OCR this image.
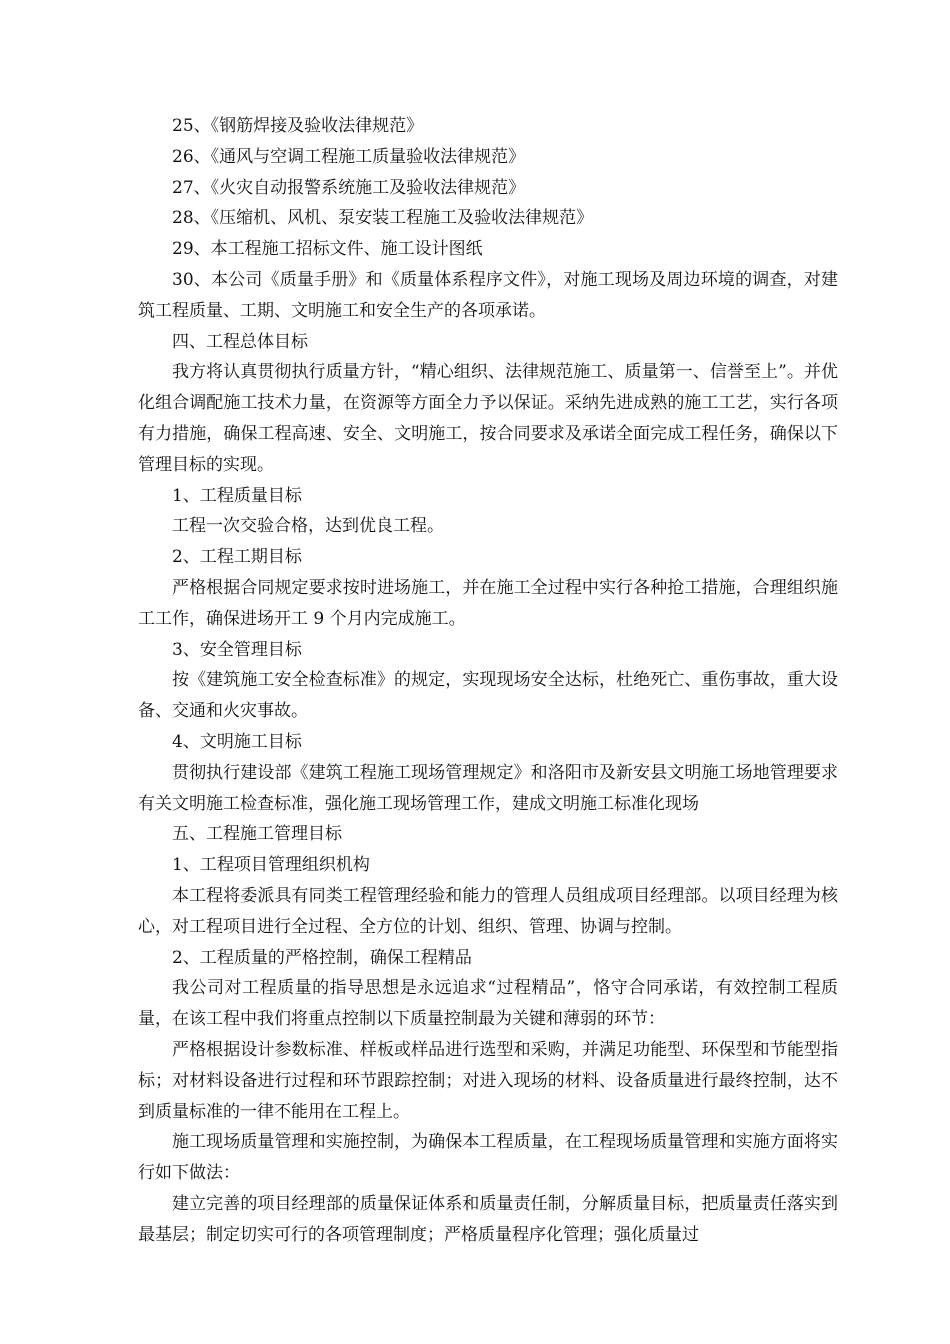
25、《钢筋焊接及验收法律规范》

26、《通风与空调工程施工质量验收法律规范》

27、《火灾自动报警系统施工及验收法律规范》

28、《压缩机、风机、泵安装工程施工及验收法律规范》

29、本工程施工招标文件、施工设计图纸

30、本公司《质量手册》和《质量体系程序文件》，对施工现场及周边环境的调查，对建筑工程质量、工期、文明施工和安全生产的各项承诺。

四、工程总体目标

我方将认真贯彻执行质量方针，“精心组织、法律规范施工、质量第一、信誉至上”。并优化组合调配施工技术力量，在资源等方面全力予以保证。采纳先进成熟的施工工艺，实行各项有力措施，确保工程高速、安全、文明施工，按合同要求及承诺全面完成工程任务，确保以下管理目标的实现。

1、工程质量目标

工程一次交验合格，达到优良工程。

2、工程工期目标

严格根据合同规定要求按时进场施工，并在施工全过程中实行各种抢工措施，合理组织施工工作，确保进场开工 9 个月内完成施工。

3、安全管理目标

按《建筑施工安全检查标准》的规定，实现现场安全达标，杜绝死亡、重伤事故，重大设备、交通和火灾事故。

4、文明施工目标

贯彻执行建设部《建筑工程施工现场管理规定》和洛阳市及新安县文明施工场地管理要求有关文明施工检查标准，强化施工现场管理工作，建成文明施工标准化现场

五、工程施工管理目标

1、工程项目管理组织机构

本工程将委派具有同类工程管理经验和能力的管理人员组成项目经理部。以项目经理为核心，对工程项目进行全过程、全方位的计划、组织、管理、协调与控制。

2、工程质量的严格控制，确保工程精品

我公司对工程质量的指导思想是永远追求“过程精品”，恪守合同承诺，有效控制工程质量，在该工程中我们将重点控制以下质量控制最为关键和薄弱的环节：

严格根据设计参数标准、样板或样品进行选型和采购，并满足功能型、环保型和节能型指标；对材料设备进行过程和环节跟踪控制；对进入现场的材料、设备质量进行最终控制，达不到质量标准的一律不能用在工程上。

施工现场质量管理和实施控制，为确保本工程质量，在工程现场质量管理和实施方面将实行如下做法：

建立完善的项目经理部的质量保证体系和质量责任制，分解质量目标，把质量责任落实到最基层；制定切实可行的各项管理制度；严格质量程序化管理；强化质量过
